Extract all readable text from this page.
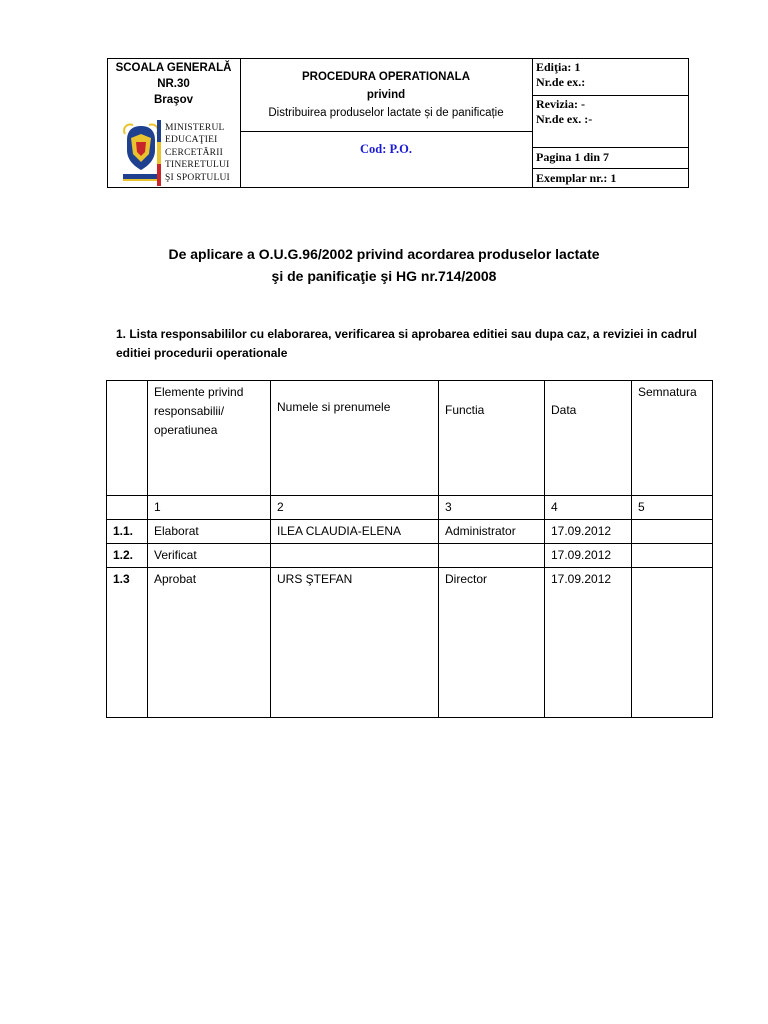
SCOALA GENERALĂ
NR.30
Braşov
MINISTERUL
EDUCAŢIEI
CERCETĂRII
TINERETULUI
ŞI SPORTULUI
PROCEDURA OPERATIONALA
privind
Distribuirea produselor lactate și de panificație
Cod: P.O.
Ediţia: 1
Nr.de ex.:
Revizia: -
Nr.de ex. :-
Pagina 1 din 7
Exemplar nr.: 1
De aplicare a O.U.G.96/2002 privind acordarea produselor lactate
şi de panificaţie şi HG nr.714/2008
1. Lista responsabililor cu elaborarea, verificarea si aprobarea editiei sau dupa caz, a reviziei in cadrul editiei procedurii operationale
	Elemente privind responsabilii/ operatiunea	Numele si prenumele	Functia	Data	Semnatura
	1	2	3	4	5
1.1.	Elaborat	ILEA CLAUDIA-ELENA	Administrator	17.09.2012	
1.2.	Verificat			17.09.2012	
1.3	Aprobat	URS ŞTEFAN	Director	17.09.2012	
